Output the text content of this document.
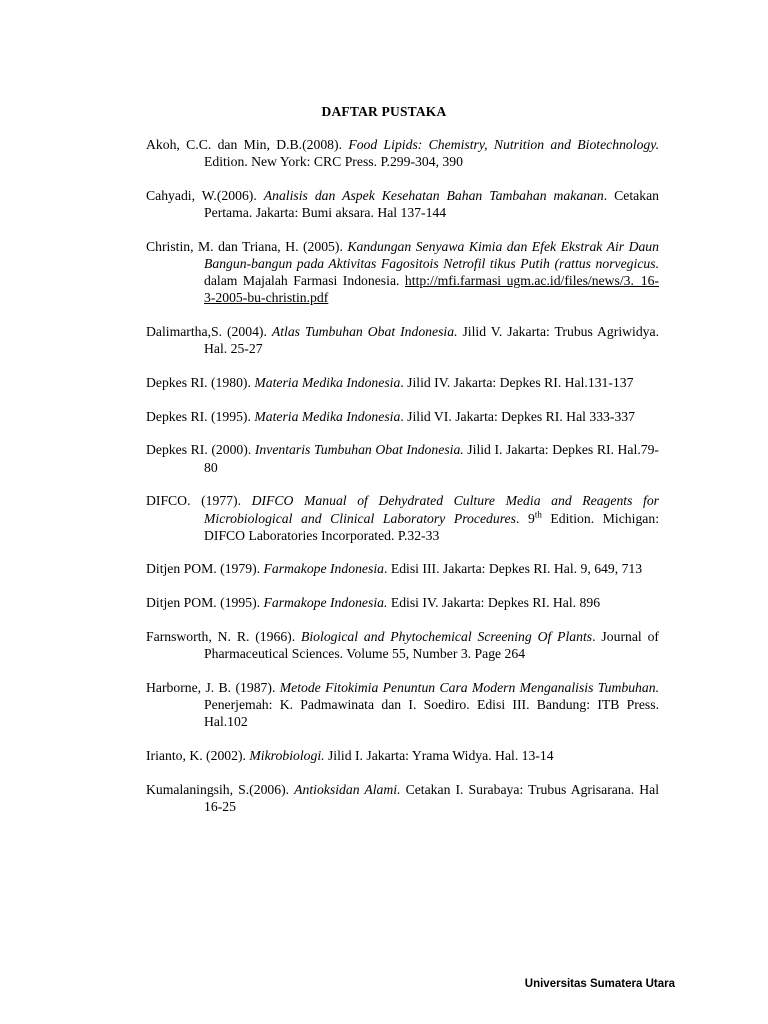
DAFTAR PUSTAKA

Akoh, C.C. dan Min, D.B.(2008). Food Lipids: Chemistry, Nutrition and Biotechnology. Edition. New York: CRC Press. P.299-304, 390

Cahyadi, W.(2006). Analisis dan Aspek Kesehatan Bahan Tambahan makanan. Cetakan Pertama. Jakarta: Bumi aksara. Hal 137-144

Christin, M. dan Triana, H. (2005). Kandungan Senyawa Kimia dan Efek Ekstrak Air Daun Bangun-bangun pada Aktivitas Fagositois Netrofil tikus Putih (rattus norvegicus. dalam Majalah Farmasi Indonesia. http://mfi.farmasi ugm.ac.id/files/news/3._16-3-2005-bu-christin.pdf

Dalimartha,S. (2004). Atlas Tumbuhan Obat Indonesia. Jilid V. Jakarta: Trubus Agriwidya. Hal. 25-27

Depkes RI. (1980). Materia Medika Indonesia. Jilid IV. Jakarta: Depkes RI. Hal.131-137

Depkes RI. (1995). Materia Medika Indonesia. Jilid VI. Jakarta: Depkes RI. Hal 333-337

Depkes RI. (2000). Inventaris Tumbuhan Obat Indonesia. Jilid I. Jakarta: Depkes RI. Hal.79-80

DIFCO. (1977). DIFCO Manual of Dehydrated Culture Media and Reagents for Microbiological and Clinical Laboratory Procedures. 9th Edition. Michigan: DIFCO Laboratories Incorporated. P.32-33

Ditjen POM. (1979). Farmakope Indonesia. Edisi III. Jakarta: Depkes RI. Hal. 9, 649, 713

Ditjen POM. (1995). Farmakope Indonesia. Edisi IV. Jakarta: Depkes RI. Hal. 896

Farnsworth, N. R. (1966). Biological and Phytochemical Screening Of Plants. Journal of Pharmaceutical Sciences. Volume 55, Number 3. Page 264

Harborne, J. B. (1987). Metode Fitokimia Penuntun Cara Modern Menganalisis Tumbuhan. Penerjemah: K. Padmawinata dan I. Soediro. Edisi III. Bandung: ITB Press. Hal.102

Irianto, K. (2002). Mikrobiologi. Jilid I. Jakarta: Yrama Widya. Hal. 13-14

Kumalaningsih, S.(2006). Antioksidan Alami. Cetakan I. Surabaya: Trubus Agrisarana. Hal 16-25

Universitas Sumatera Utara
